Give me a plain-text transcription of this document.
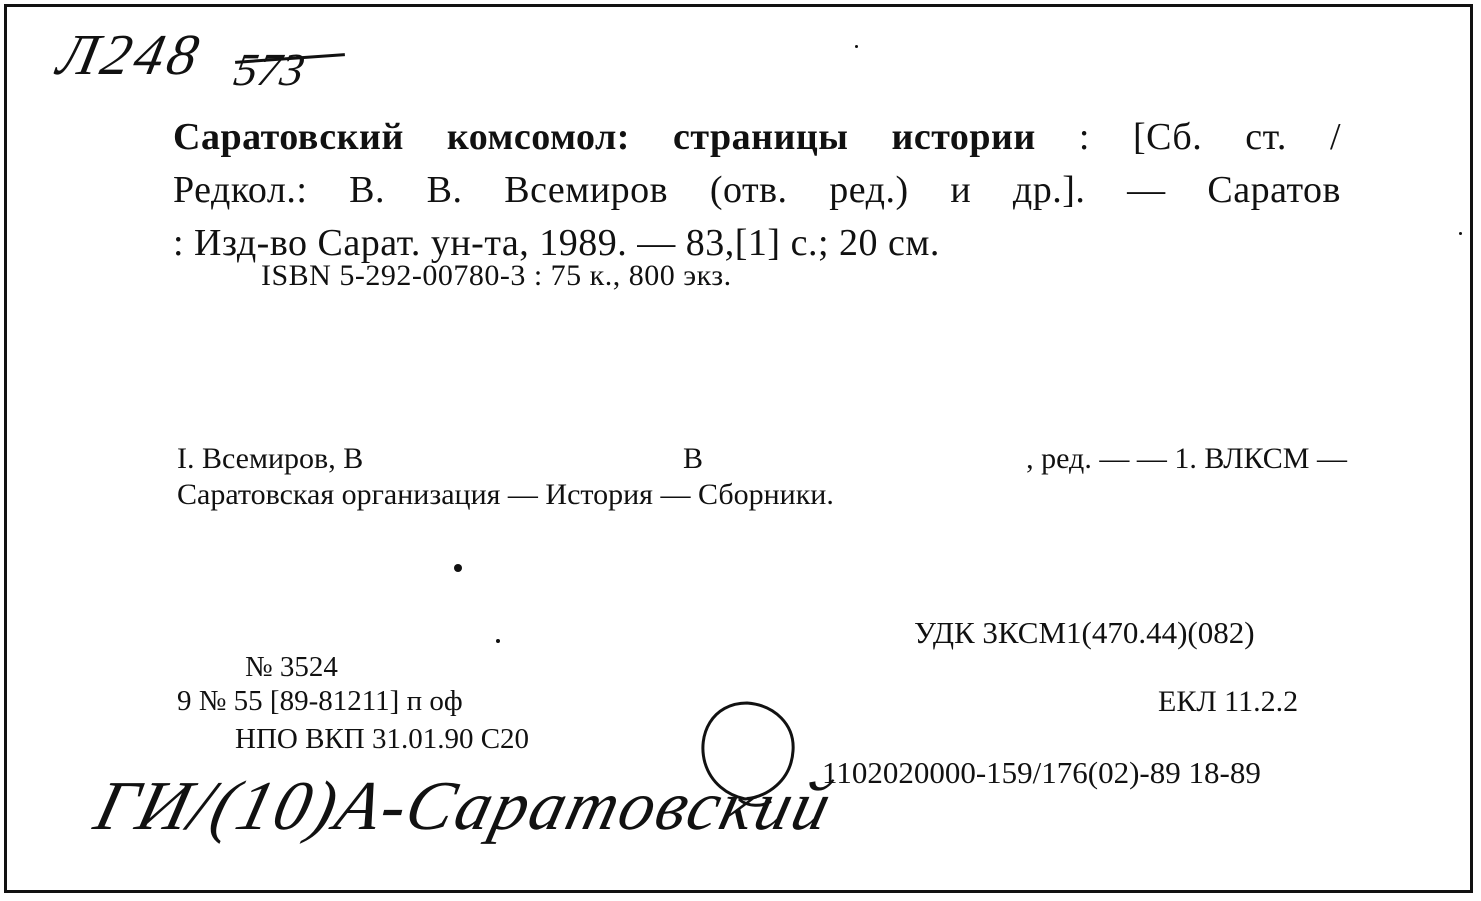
Л248 573

Саратовский комсомол: страницы истории : [Сб. ст. /

Редкол.: В. В. Всемиров (отв. ред.) и др.]. — Саратов

: Изд-во Сарат. ун-та, 1989. — 83,[1] с.; 20 см.

ISBN 5-292-00780-3 : 75 к., 800 экз.
I. Всемиров, В	В	, ред. — — 1. ВЛКСМ —
Саратовская организация — История — Сборники.
УДК 3КСМ1(470.44)(082)
№ 3524
ЕКЛ 11.2.2
9 № 55 [89-81211] п оф
НПО ВКП 31.01.90 С20
1102020000-159/176(02)-89 18-89
ГИ/(10)А-Саратовский
